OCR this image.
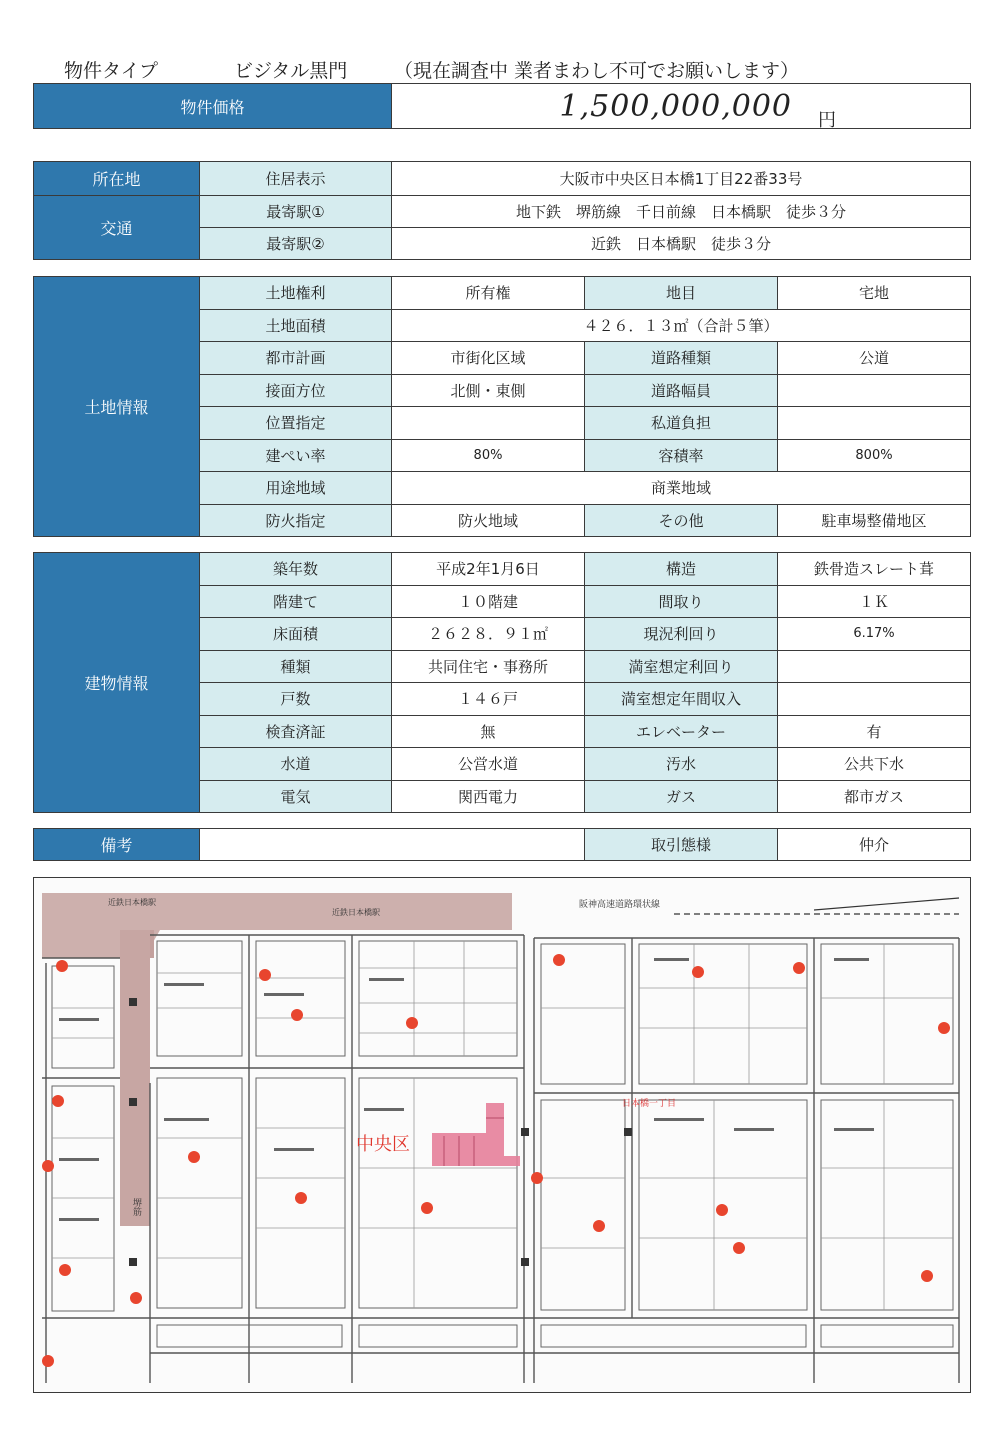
物件タイプ	ビジタル黒門 （現在調査中 業者まわし不可でお願いします）
物件価格	1,500,000,000 円
所在地	住居表示	大阪市中央区日本橋1丁目22番33号
交通	最寄駅①	地下鉄　堺筋線　千日前線　日本橋駅　徒歩３分
	最寄駅②	近鉄　日本橋駅　徒歩３分
土地情報	土地権利	所有権	地目	宅地
	土地面積	４２６．１３㎡（合計５筆）		
	都市計画	市街化区域	道路種類	公道
	接面方位	北側・東側	道路幅員	
	位置指定		私道負担	
	建ぺい率	80%	容積率	800%
	用途地域	商業地域		
	防火指定	防火地域	その他	駐車場整備地区
建物情報	築年数	平成2年1月6日	構造	鉄骨造スレート葺
	階建て	１０階建	間取り	１Ｋ
	床面積	２６２８．９１㎡	現況利回り	6.17%
	種類	共同住宅・事務所	満室想定利回り	
	戸数	１４６戸	満室想定年間収入	
	検査済証	無	エレベーター	有
	水道	公営水道	汚水	公共下水
	電気	関西電力	ガス	都市ガス
備考		取引態様	仲介
中央区
近鉄日本橋駅
近鉄日本橋駅
阪神高速道路環状線
日本橋一丁目
堺筋
